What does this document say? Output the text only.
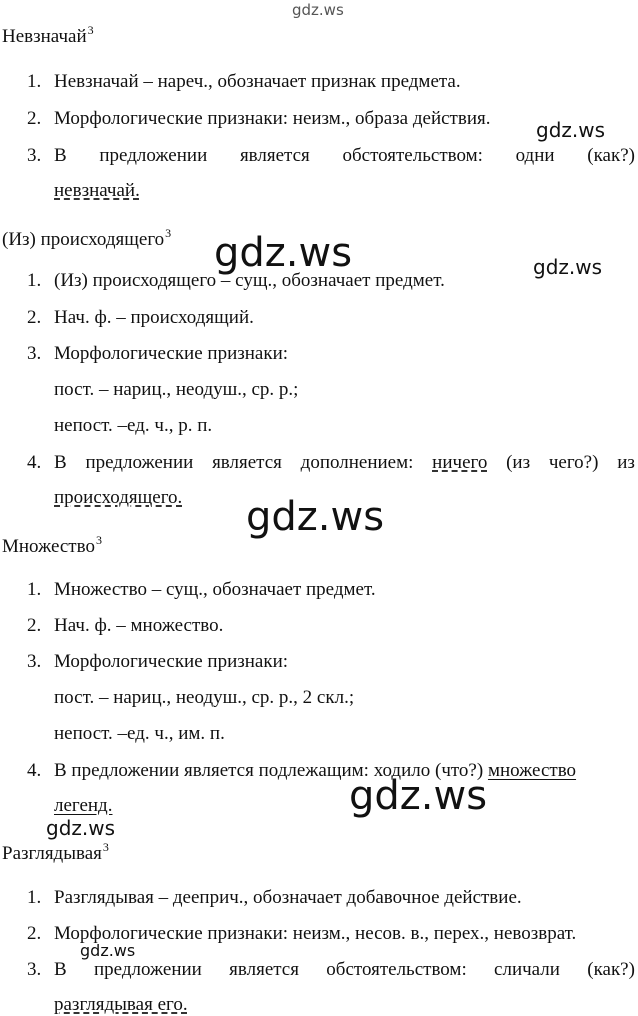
gdz.ws
gdz.ws
gdz.ws
gdz.ws
gdz.ws
gdz.ws
gdz.ws
gdz.ws
Невзначай$^3$
1. Невзначай – нареч., обозначает признак предмета.
2. Морфологические признаки: неизм., образа действия.
3. В предложении является обстоятельством: одни (как?)
невзначай.
(Из) происходящего$^3$
1. (Из) происходящего – сущ., обозначает предмет.
2. Нач. ф. – происходящий.
3. Морфологические признаки:
пост. – нариц., неодуш., ср. р.;
непост. –ед. ч., р. п.
4. В предложении является дополнением: ничего (из чего?) из
происходящего.
Множество$^3$
1. Множество – сущ., обозначает предмет.
2. Нач. ф. – множество.
3. Морфологические признаки:
пост. – нариц., неодуш., ср. р., 2 скл.;
непост. –ед. ч., им. п.
4. В предложении является подлежащим: ходило (что?) множество
легенд.
Разглядывая$^3$
1. Разглядывая – дееприч., обозначает добавочное действие.
2. Морфологические признаки: неизм., несов. в., перех., невозврат.
3. В предложении является обстоятельством: сличали (как?)
разглядывая его.
